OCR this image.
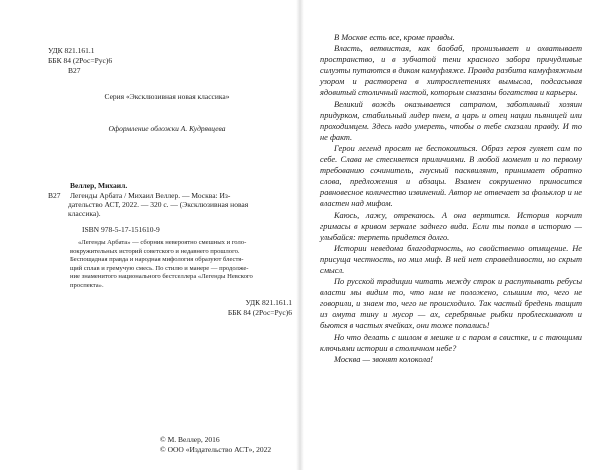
УДК 821.161.1
ББК 84 (2Рос=Рус)6
В27
Серия «Эксклюзивная новая классика»
Оформление обложки А. Кудрявцева
Веллер, Михаил.
В27 Легенды Арбата / Михаил Веллер. — Москва: Из-
дательство АСТ, 2022. — 320 с. — (Эксклюзивная новая
классика).
ISBN 978-5-17-151610-9

«Легенды Арбата» — сборник невероятно смешных и голо-

вокружительных историй советского и недавнего прошлого.

Беспощадная правда и народная мифология образуют блестя-

щий сплав и гремучую смесь. По стилю и манере — продолже-

ние знаменитого национального бестселлера «Легенды Невского

проспекта».

УДК 821.161.1
ББК 84 (2Рос=Рус)6
© М. Веллер, 2016
© ООО «Издательство АСТ», 2022

В Москве есть все, кроме правды.

Власть, ветвистая, как баобаб, пронизывает и охватывает пространство, и в зубчатой тени красного забора причудливые силуэты путаются в диком камуфляже. Правда разбита камуфляжным узором и растворена в хитросплетениях вымысла, подсасывая ядовитый столичный настой, которым смазаны богатства и карьеры.

Великий вождь оказывается сатрапом, заботливый хозяин придурком, стабильный лидер пнем, а царь и отец нации пьяницей или проходимцем. Здесь надо умереть, чтобы о тебе сказали правду. И то не факт.

Герои легенд просят не беспокоиться. Образ героя гуляет сам по себе. Слава не стесняется приличиями. В любой момент и по первому требованию сочинитель, гнусный пасквилянт, принимает обратно слова, предложения и абзацы. Взамен сокрушенно приносится равновесное количество извинений. Автор не отвечает за фольклор и не властен над мифом.

Каюсь, лажу, отрекаюсь. А она вертится. История корчит гримасы в кривом зеркале заднего вида. Если ты попал в историю — улыбайся: терпеть придется долго.

Истории неведома благодарность, но свойственно отмщение. Не присуща честность, но мил миф. В ней нет справедливости, но скрыт смысл.

По русской традиции читать между строк и распутывать ребусы власти мы видим то, что нам не положено, слышим то, чего не говорили, и знаем то, чего не происходило. Так частый бредень тащит из омута тину и мусор — ах, серебряные рыбки проблескивают и бьются в частых ячейках, они тоже попались!

Но что делать с шилом в мешке и с паром в свистке, и с тающими ключьями истории в столичном небе?

Москва — звонят колокола!
